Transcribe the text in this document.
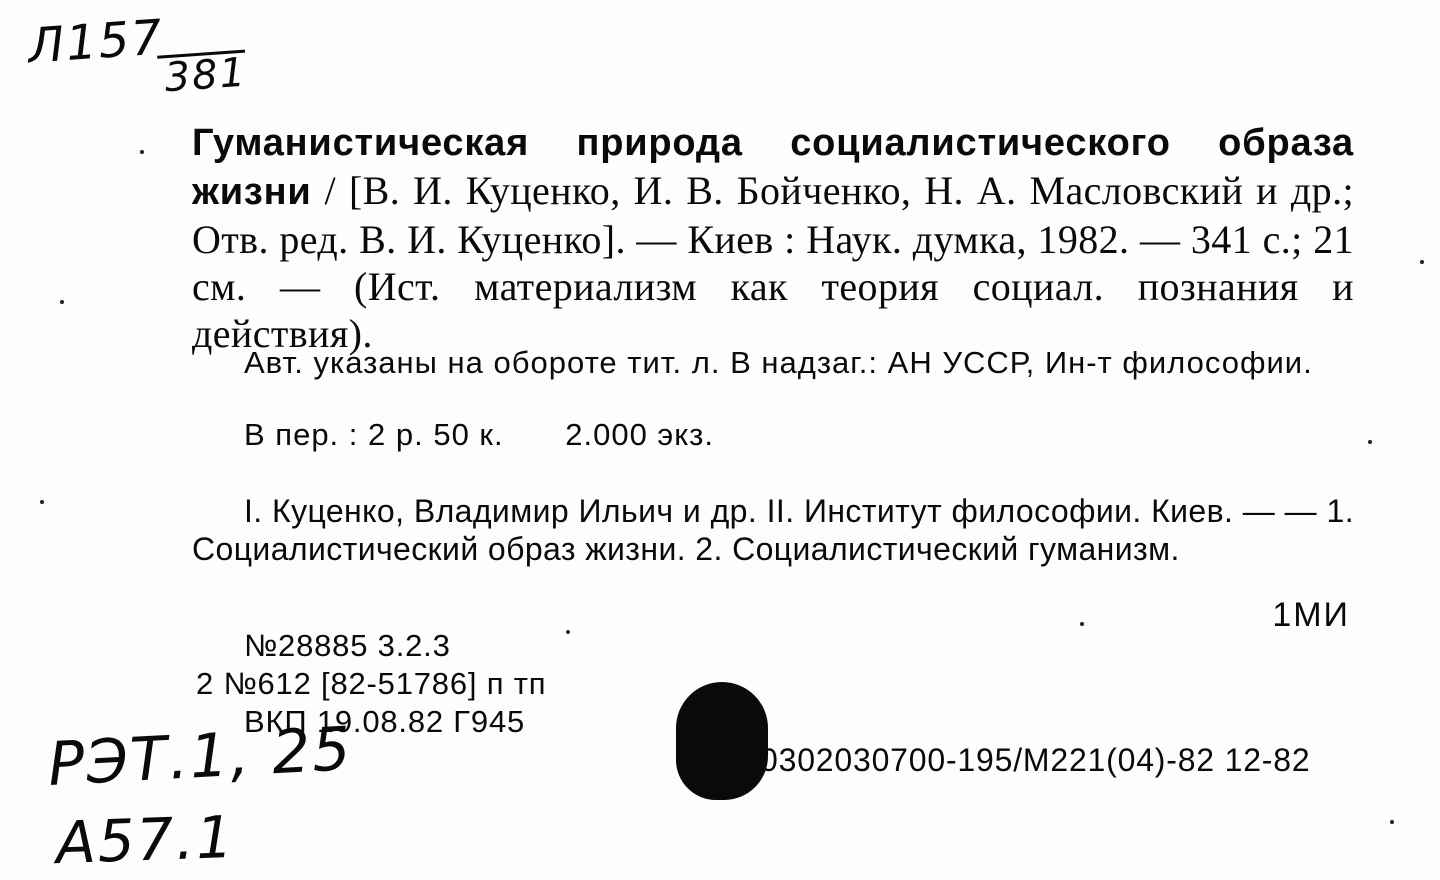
Л157
381
Гуманистическая природа социалистического образа жизни / [В. И. Куценко, И. В. Бойченко, Н. А. Масловский и др.; Отв. ред. В. И. Куценко]. — Киев : Наук. думка, 1982. — 341 с.; 21 см. — (Ист. материализм как теория социал. познания и действия).
Авт. указаны на обороте тит. л. В надзаг.: АН УССР, Ин-т философии.
В пер. : 2 р. 50 к. 2.000 экз.
I. Куценко, Владимир Ильич и др. II. Институт философии. Киев. — — 1. Социалистический образ жизни. 2. Социалистический гуманизм.
1МИ
№28885 3.2.3
2 №612 [82-51786] п тп
ВКП 19.08.82 Г945
0302030700-195/М221(04)-82 12-82
РЭТ.1, 25
А57.1
